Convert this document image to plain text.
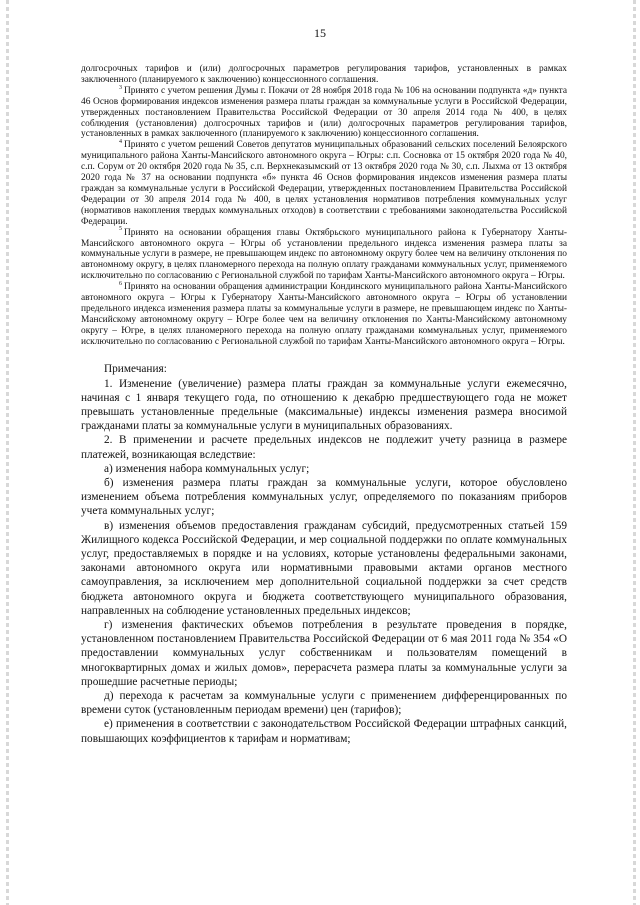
15

долгосрочных тарифов и (или) долгосрочных параметров регулирования тарифов, установленных в рамках заключенного (планируемого к заключению) концессионного соглашения.

$^3$ Принято с учетом решения Думы г. Покачи от 28 ноября 2018 года № 106 на основании подпункта «д» пункта 46 Основ формирования индексов изменения размера платы граждан за коммунальные услуги в Российской Федерации, утвержденных постановлением Правительства Российской Федерации от 30 апреля 2014 года № 400, в целях соблюдения (установления) долгосрочных тарифов и (или) долгосрочных параметров регулирования тарифов, установленных в рамках заключенного (планируемого к заключению) концессионного соглашения.

$^4$ Принято с учетом решений Советов депутатов муниципальных образований сельских поселений Белоярского муниципального района Ханты-Мансийского автономного округа – Югры: с.п. Сосновка от 15 октября 2020 года № 40, с.п. Сорум от 20 октября 2020 года № 35, с.п. Верхнеказымский от 13 октября 2020 года № 30, с.п. Лыхма от 13 октября 2020 года № 37 на основании подпункта «б» пункта 46 Основ формирования индексов изменения размера платы граждан за коммунальные услуги в Российской Федерации, утвержденных постановлением Правительства Российской Федерации от 30 апреля 2014 года № 400, в целях установления нормативов потребления коммунальных услуг (нормативов накопления твердых коммунальных отходов) в соответствии с требованиями законодательства Российской Федерации.

$^5$ Принято на основании обращения главы Октябрьского муниципального района к Губернатору Ханты-Мансийского автономного округа – Югры об установлении предельного индекса изменения размера платы за коммунальные услуги в размере, не превышающем индекс по автономному округу более чем на величину отклонения по автономному округу, в целях планомерного перехода на полную оплату гражданами коммунальных услуг, применяемого исключительно по согласованию с Региональной службой по тарифам Ханты-Мансийского автономного округа – Югры.

$^6$ Принято на основании обращения администрации Кондинского муниципального района Ханты-Мансийского автономного округа – Югры к Губернатору Ханты-Мансийского автономного округа – Югры об установлении предельного индекса изменения размера платы за коммунальные услуги в размере, не превышающем индекс по Ханты-Мансийскому автономному округу – Югре более чем на величину отклонения по Ханты-Мансийскому автономному округу – Югре, в целях планомерного перехода на полную оплату гражданами коммунальных услуг, применяемого исключительно по согласованию с Региональной службой по тарифам Ханты-Мансийского автономного округа – Югры.

Примечания:

1. Изменение (увеличение) размера платы граждан за коммунальные услуги ежемесячно, начиная с 1 января текущего года, по отношению к декабрю предшествующего года не может превышать установленные предельные (максимальные) индексы изменения размера вносимой гражданами платы за коммунальные услуги в муниципальных образованиях.

2. В применении и расчете предельных индексов не подлежит учету разница в размере платежей, возникающая вследствие:

а) изменения набора коммунальных услуг;

б) изменения размера платы граждан за коммунальные услуги, которое обусловлено изменением объема потребления коммунальных услуг, определяемого по показаниям приборов учета коммунальных услуг;

в) изменения объемов предоставления гражданам субсидий, предусмотренных статьей 159 Жилищного кодекса Российской Федерации, и мер социальной поддержки по оплате коммунальных услуг, предоставляемых в порядке и на условиях, которые установлены федеральными законами, законами автономного округа или нормативными правовыми актами органов местного самоуправления, за исключением мер дополнительной социальной поддержки за счет средств бюджета автономного округа и бюджета соответствующего муниципального образования, направленных на соблюдение установленных предельных индексов;

г) изменения фактических объемов потребления в результате проведения в порядке, установленном постановлением Правительства Российской Федерации от 6 мая 2011 года № 354 «О предоставлении коммунальных услуг собственникам и пользователям помещений в многоквартирных домах и жилых домов», перерасчета размера платы за коммунальные услуги за прошедшие расчетные периоды;

д) перехода к расчетам за коммунальные услуги с применением дифференцированных по времени суток (установленным периодам времени) цен (тарифов);

е) применения в соответствии с законодательством Российской Федерации штрафных санкций, повышающих коэффициентов к тарифам и нормативам;
